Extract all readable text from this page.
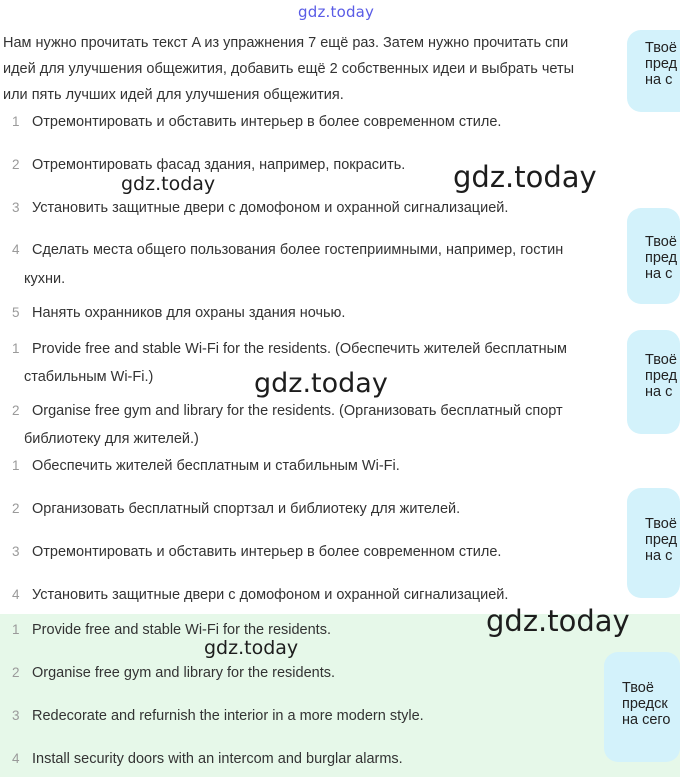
gdz.today
Нам нужно прочитать текст A из упражнения 7 ещё раз. Затем нужно прочитать спи
идей для улучшения общежития, добавить ещё 2 собственных идеи и выбрать четы
или пять лучших идей для улучшения общежития.
1 Отремонтировать и обставить интерьер в более современном стиле.
2 Отремонтировать фасад здания, например, покрасить.
3 Установить защитные двери с домофоном и охранной сигнализацией.
4 Сделать места общего пользования более гостеприимными, например, гостин
кухни.
5 Нанять охранников для охраны здания ночью.
1 Provide free and stable Wi-Fi for the residents. (Обеспечить жителей бесплатным
стабильным Wi-Fi.)
2 Organise free gym and library for the residents. (Организовать бесплатный спорт
библиотеку для жителей.)
1 Обеспечить жителей бесплатным и стабильным Wi-Fi.
2 Организовать бесплатный спортзал и библиотеку для жителей.
3 Отремонтировать и обставить интерьер в более современном стиле.
4 Установить защитные двери с домофоном и охранной сигнализацией.
1 Provide free and stable Wi-Fi for the residents.
2 Organise free gym and library for the residents.
3 Redecorate and refurnish the interior in a more modern style.
4 Install security doors with an intercom and burglar alarms.
Твоё
пред
на с
Твоё
пред
на с
Твоё
пред
на с
Твоё
пред
на с
Твоё
предск
на сего
gdz.today	gdz.today
gdz.today
gdz.today
gdz.today
